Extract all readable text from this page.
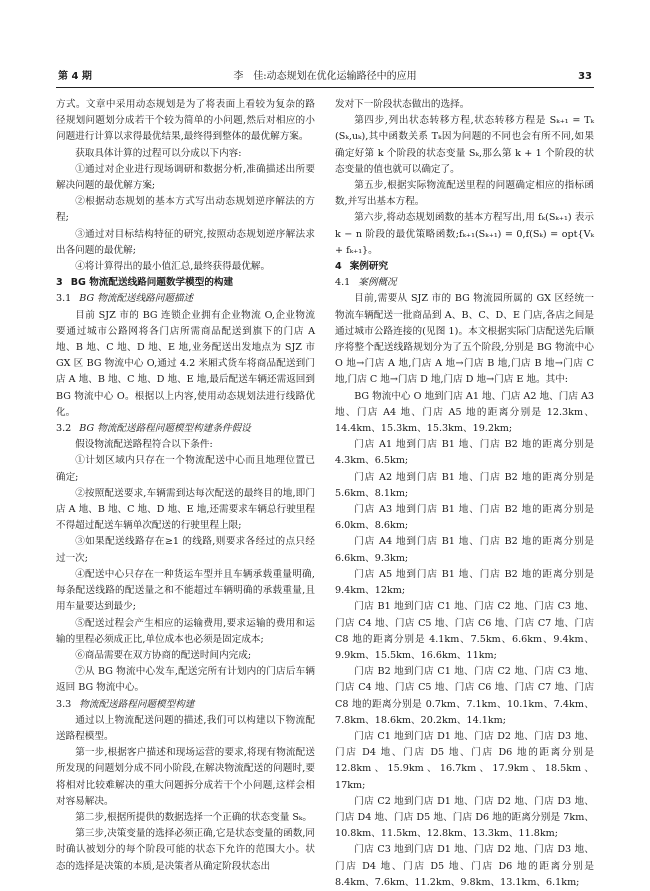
第 4 期	李　佳:动态规划在优化运输路径中的应用	33

方式。文章中采用动态规划是为了将表面上看较为复杂的路径规划问题划分成若干个较为简单的小问题,然后对相应的小问题进行计算以求得最优结果,最终得到整体的最优解方案。

获取具体计算的过程可以分成以下内容:

①通过对企业进行现场调研和数据分析,准确描述出所要解决问题的最优解方案;

②根据动态规划的基本方式写出动态规划逆序解法的方程;

③通过对目标结构特征的研究,按照动态规划逆序解法求出各问题的最优解;

④将计算得出的最小值汇总,最终获得最优解。

3 BG 物流配送线路问题数学模型的构建

3.1 BG 物流配送线路问题描述

目前 SJZ 市的 BG 连锁企业拥有企业物流 O,企业物流要通过城市公路网将各门店所需商品配送到旗下的门店 A 地、B 地、C 地、D 地、E 地,业务配送出发地点为 SJZ 市 GX 区 BG 物流中心 O,通过 4.2 米厢式货车将商品配送到门店 A 地、B 地、C 地、D 地、E 地,最后配送车辆还需返回到 BG 物流中心 O。根据以上内容,使用动态规划法进行线路优化。

3.2 BG 物流配送路程问题模型构建条件假设

假设物流配送路程符合以下条件:

①计划区域内只存在一个物流配送中心而且地理位置已确定;

②按照配送要求,车辆需到达每次配送的最终目的地,即门店 A 地、B 地、C 地、D 地、E 地,还需要求车辆总行驶里程不得超过配送车辆单次配送的行驶里程上限;

③如果配送线路存在≥1 的线路,则要求各经过的点只经过一次;

④配送中心只存在一种货运车型并且车辆承载重量明确,每条配送线路的配送量之和不能超过车辆明确的承载重量,且用车量要达到最少;

⑤配送过程会产生相应的运输费用,要求运输的费用和运输的里程必须成正比,单位成本也必须是固定成本;

⑥商品需要在双方协商的配送时间内完成;

⑦从 BG 物流中心发车,配送完所有计划内的门店后车辆返回 BG 物流中心。

3.3 物流配送路程问题模型构建

通过以上物流配送问题的描述,我们可以构建以下物流配送路程模型。

第一步,根据客户描述和现场运营的要求,将现有物流配送所发现的问题划分成不同小阶段,在解决物流配送的问题时,要将相对比较难解决的重大问题拆分成若干个小问题,这样会相对容易解决。

第二步,根据所提供的数据选择一个正确的状态变量 Sₖ。

第三步,决策变量的选择必须正确,它是状态变量的函数,同时确认被划分的每个阶段可能的状态下允许的范围大小。状态的选择是决策的本质,是决策者从确定阶段状态出

发对下一阶段状态做出的选择。

第四步,列出状态转移方程,状态转移方程是 Sₖ₊₁ = Tₖ (Sₖ,uₖ),其中函数关系 Tₖ因为问题的不同也会有所不同,如果确定好第 k 个阶段的状态变量 Sₖ,那么第 k + 1 个阶段的状态变量的值也就可以确定了。

第五步,根据实际物流配送里程的问题确定相应的指标函数,并写出基本方程。

第六步,将动态规划函数的基本方程写出,用 fₖ(Sₖ₊₁) 表示 k − n 阶段的最优策略函数;fₖ₊₁(Sₖ₊₁) = 0,f(Sₖ) = opt{Vₖ + fₖ₊₁}。

4 案例研究

4.1 案例概况

目前,需要从 SJZ 市的 BG 物流园所属的 GX 区经统一物流车辆配送一批商品到 A、B、C、D、E 门店,各店之间是通过城市公路连接的(见图 1)。本文根据实际门店配送先后顺序将整个配送线路规划分为了五个阶段,分别是 BG 物流中心 O 地→门店 A 地,门店 A 地→门店 B 地,门店 B 地→门店 C 地,门店 C 地→门店 D 地,门店 D 地→门店 E 地。其中:

BG 物流中心 O 地到门店 A1 地、门店 A2 地、门店 A3 地、门店 A4 地、门店 A5 地的距离分别是 12.3km、14.4km、15.3km、15.3km、19.2km;

门店 A1 地到门店 B1 地、门店 B2 地的距离分别是 4.3km、6.5km;

门店 A2 地到门店 B1 地、门店 B2 地的距离分别是 5.6km、8.1km;

门店 A3 地到门店 B1 地、门店 B2 地的距离分别是 6.0km、8.6km;

门店 A4 地到门店 B1 地、门店 B2 地的距离分别是 6.6km、9.3km;

门店 A5 地到门店 B1 地、门店 B2 地的距离分别是 9.4km、12km;

门店 B1 地到门店 C1 地、门店 C2 地、门店 C3 地、门店 C4 地、门店 C5 地、门店 C6 地、门店 C7 地、门店 C8 地的距离分别是 4.1km、7.5km、6.6km、9.4km、9.9km、15.5km、16.6km、11km;

门店 B2 地到门店 C1 地、门店 C2 地、门店 C3 地、门店 C4 地、门店 C5 地、门店 C6 地、门店 C7 地、门店 C8 地的距离分别是 0.7km、7.1km、10.1km、7.4km、7.8km、18.6km、20.2km、14.1km;

门店 C1 地到门店 D1 地、门店 D2 地、门店 D3 地、门店 D4 地、门店 D5 地、门店 D6 地的距离分别是 12.8km、15.9km、16.7km、17.9km、18.5km、17km;

门店 C2 地到门店 D1 地、门店 D2 地、门店 D3 地、门店 D4 地、门店 D5 地、门店 D6 地的距离分别是 7km、10.8km、11.5km、12.8km、13.3km、11.8km;

门店 C3 地到门店 D1 地、门店 D2 地、门店 D3 地、门店 D4 地、门店 D5 地、门店 D6 地的距离分别是 8.4km、7.6km、11.2km、9.8km、13.1km、6.1km;
